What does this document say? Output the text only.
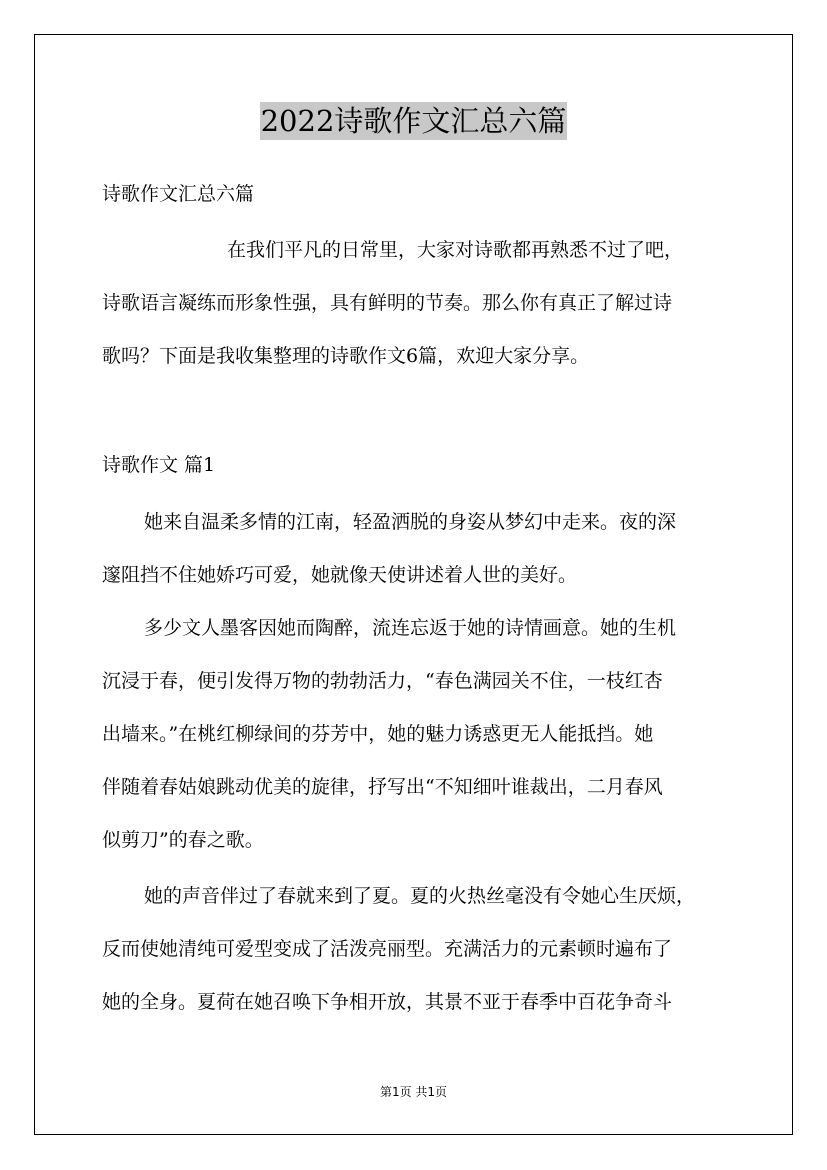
2022诗歌作文汇总六篇
诗歌作文汇总六篇
在我们平凡的日常里，大家对诗歌都再熟悉不过了吧，
诗歌语言凝练而形象性强，具有鲜明的节奏。那么你有真正了解过诗
歌吗？下面是我收集整理的诗歌作文6篇，欢迎大家分享。
诗歌作文 篇1
她来自温柔多情的江南，轻盈洒脱的身姿从梦幻中走来。夜的深
邃阻挡不住她娇巧可爱，她就像天使讲述着人世的美好。
多少文人墨客因她而陶醉，流连忘返于她的诗情画意。她的生机
沉浸于春，便引发得万物的勃勃活力，“春色满园关不住，一枝红杏
出墙来。”在桃红柳绿间的芬芳中，她的魅力诱惑更无人能抵挡。她
伴随着春姑娘跳动优美的旋律，抒写出“不知细叶谁裁出，二月春风
似剪刀”的春之歌。
她的声音伴过了春就来到了夏。夏的火热丝毫没有令她心生厌烦，
反而使她清纯可爱型变成了活泼亮丽型。充满活力的元素顿时遍布了
她的全身。夏荷在她召唤下争相开放，其景不亚于春季中百花争奇斗
第1页 共1页
